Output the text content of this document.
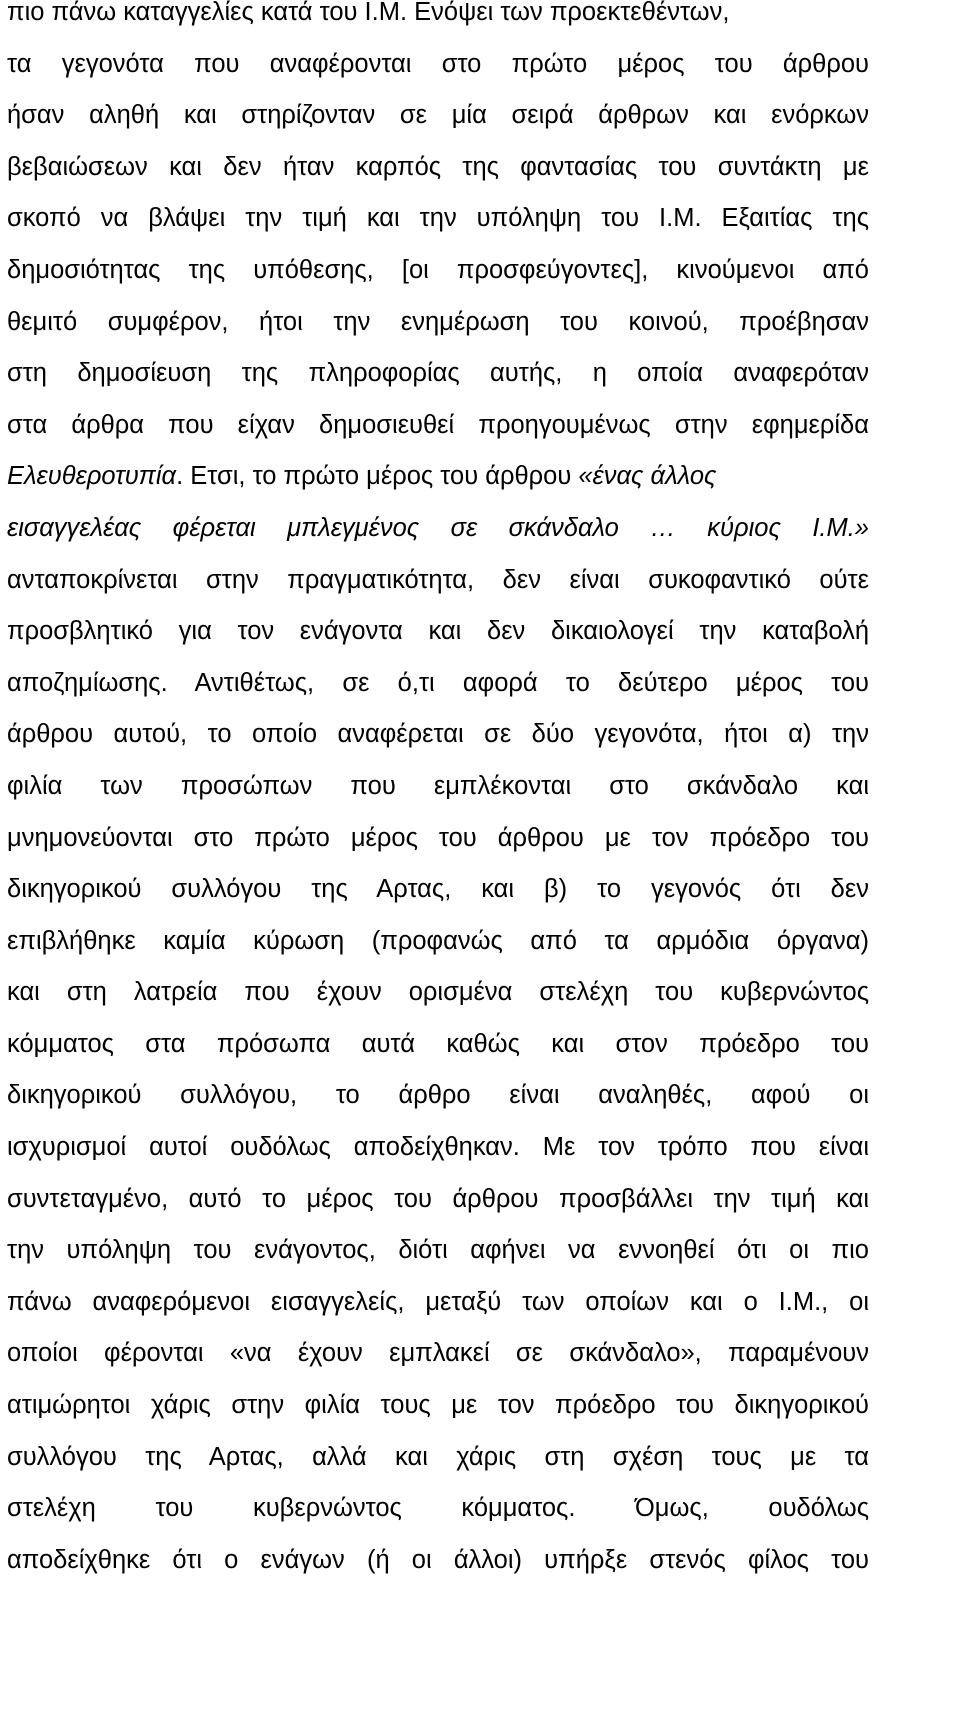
πιο πάνω καταγγελίες κατά του Ι.Μ. Ενόψει των προεκτεθέντων,
τα γεγονότα που αναφέρονται στο πρώτο μέρος του άρθρου
ήσαν αληθή και στηρίζονταν σε μία σειρά άρθρων και ενόρκων
βεβαιώσεων και δεν ήταν καρπός της φαντασίας του συντάκτη με
σκοπό να βλάψει την τιμή και την υπόληψη του Ι.Μ. Εξαιτίας της
δημοσιότητας της υπόθεσης, [οι προσφεύγοντες], κινούμενοι από
θεμιτό συμφέρον, ήτοι την ενημέρωση του κοινού, προέβησαν
στη δημοσίευση της πληροφορίας αυτής, η οποία αναφερόταν
στα άρθρα που είχαν δημοσιευθεί προηγουμένως στην εφημερίδα
Ελευθεροτυπία. Ετσι, το πρώτο μέρος του άρθρου «ένας άλλος
εισαγγελέας φέρεται μπλεγμένος σε σκάνδαλο … κύριος Ι.Μ.»
ανταποκρίνεται στην πραγματικότητα, δεν είναι συκοφαντικό ούτε
προσβλητικό για τον ενάγοντα και δεν δικαιολογεί την καταβολή
αποζημίωσης. Αντιθέτως, σε ό,τι αφορά το δεύτερο μέρος του
άρθρου αυτού, το οποίο αναφέρεται σε δύο γεγονότα, ήτοι α) την
φιλία των προσώπων που εμπλέκονται στο σκάνδαλο και
μνημονεύονται στο πρώτο μέρος του άρθρου με τον πρόεδρο του
δικηγορικού συλλόγου της Αρτας, και β) το γεγονός ότι δεν
επιβλήθηκε καμία κύρωση (προφανώς από τα αρμόδια όργανα)
και στη λατρεία που έχουν ορισμένα στελέχη του κυβερνώντος
κόμματος στα πρόσωπα αυτά καθώς και στον πρόεδρο του
δικηγορικού συλλόγου, το άρθρο είναι αναληθές, αφού οι
ισχυρισμοί αυτοί ουδόλως αποδείχθηκαν. Με τον τρόπο που είναι
συντεταγμένο, αυτό το μέρος του άρθρου προσβάλλει την τιμή και
την υπόληψη του ενάγοντος, διότι αφήνει να εννοηθεί ότι οι πιο
πάνω αναφερόμενοι εισαγγελείς, μεταξύ των οποίων και ο Ι.Μ., οι
οποίοι φέρονται «να έχουν εμπλακεί σε σκάνδαλο», παραμένουν
ατιμώρητοι χάρις στην φιλία τους με τον πρόεδρο του δικηγορικού
συλλόγου της Αρτας, αλλά και χάρις στη σχέση τους με τα
στελέχη του κυβερνώντος κόμματος. Όμως, ουδόλως
αποδείχθηκε ότι ο ενάγων (ή οι άλλοι) υπήρξε στενός φίλος του
